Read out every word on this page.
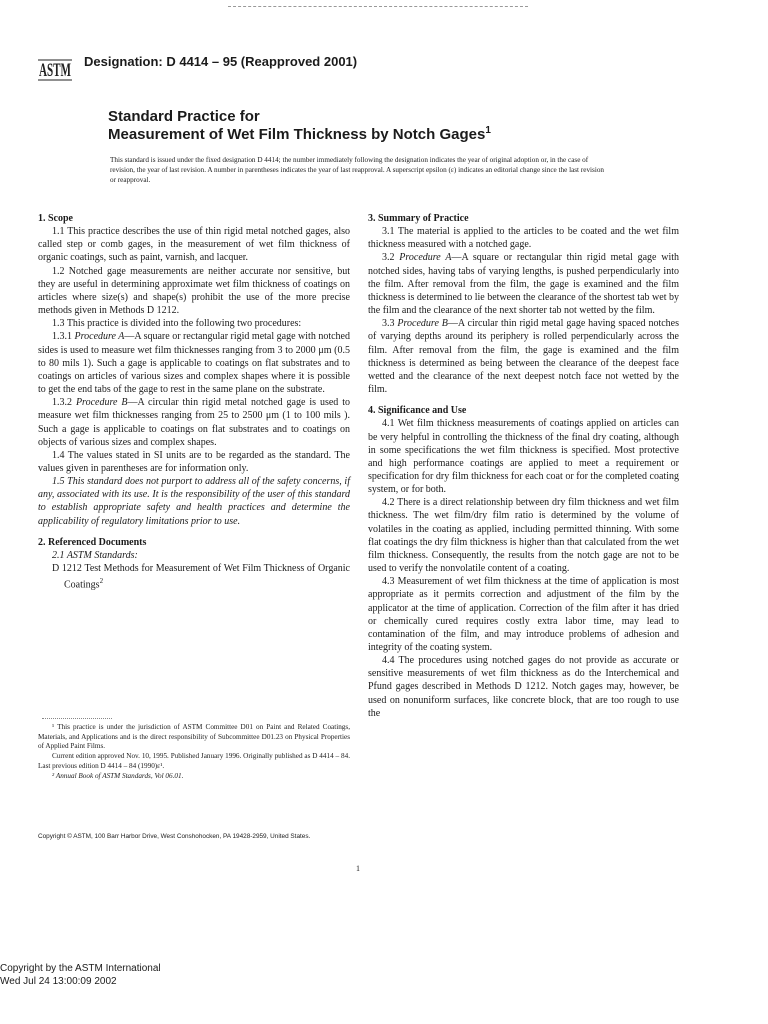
ASTM Designation: D 4414 – 95 (Reapproved 2001)
Standard Practice for
Measurement of Wet Film Thickness by Notch Gages$^1$
This standard is issued under the fixed designation D 4414; the number immediately following the designation indicates the year of original adoption or, in the case of revision, the year of last revision. A number in parentheses indicates the year of last reapproval. A superscript epsilon (ε) indicates an editorial change since the last revision or reapproval.
1. Scope

1.1 This practice describes the use of thin rigid metal notched gages, also called step or comb gages, in the measurement of wet film thickness of organic coatings, such as paint, varnish, and lacquer.

1.2 Notched gage measurements are neither accurate nor sensitive, but they are useful in determining approximate wet film thickness of coatings on articles where size(s) and shape(s) prohibit the use of the more precise methods given in Methods D 1212.

1.3 This practice is divided into the following two procedures:

1.3.1 Procedure A—A square or rectangular rigid metal gage with notched sides is used to measure wet film thicknesses ranging from 3 to 2000 μm (0.5 to 80 mils 1). Such a gage is applicable to coatings on flat substrates and to coatings on articles of various sizes and complex shapes where it is possible to get the end tabs of the gage to rest in the same plane on the substrate.

1.3.2 Procedure B—A circular thin rigid metal notched gage is used to measure wet film thicknesses ranging from 25 to 2500 μm (1 to 100 mils ). Such a gage is applicable to coatings on flat substrates and to coatings on objects of various sizes and complex shapes.

1.4 The values stated in SI units are to be regarded as the standard. The values given in parentheses are for information only.

1.5 This standard does not purport to address all of the safety concerns, if any, associated with its use. It is the responsibility of the user of this standard to establish appropriate safety and health practices and determine the applicability of regulatory limitations prior to use.

2. Referenced Documents

2.1 ASTM Standards:

D 1212 Test Methods for Measurement of Wet Film Thickness of Organic Coatings$^2$

3. Summary of Practice

3.1 The material is applied to the articles to be coated and the wet film thickness measured with a notched gage.

3.2 Procedure A—A square or rectangular thin rigid metal gage with notched sides, having tabs of varying lengths, is pushed perpendicularly into the film. After removal from the film, the gage is examined and the film thickness is determined to lie between the clearance of the shortest tab wet by the film and the clearance of the next shorter tab not wetted by the film.

3.3 Procedure B—A circular thin rigid metal gage having spaced notches of varying depths around its periphery is rolled perpendicularly across the film. After removal from the film, the gage is examined and the film thickness is determined as being between the clearance of the deepest face wetted and the clearance of the next deepest notch face not wetted by the film.

4. Significance and Use

4.1 Wet film thickness measurements of coatings applied on articles can be very helpful in controlling the thickness of the final dry coating, although in some specifications the wet film thickness is specified. Most protective and high performance coatings are applied to meet a requirement or specification for dry film thickness for each coat or for the completed coating system, or for both.

4.2 There is a direct relationship between dry film thickness and wet film thickness. The wet film/dry film ratio is determined by the volume of volatiles in the coating as applied, including permitted thinning. With some flat coatings the dry film thickness is higher than that calculated from the wet film thickness. Consequently, the results from the notch gage are not to be used to verify the nonvolatile content of a coating.

4.3 Measurement of wet film thickness at the time of application is most appropriate as it permits correction and adjustment of the film by the applicator at the time of application. Correction of the film after it has dried or chemically cured requires costly extra labor time, may lead to contamination of the film, and may introduce problems of adhesion and integrity of the coating system.

4.4 The procedures using notched gages do not provide as accurate or sensitive measurements of wet film thickness as do the Interchemical and Pfund gages described in Methods D 1212. Notch gages may, however, be used on nonuniform surfaces, like concrete block, that are too rough to use the

¹ This practice is under the jurisdiction of ASTM Committee D01 on Paint and Related Coatings, Materials, and Applications and is the direct responsibility of Subcommittee D01.23 on Physical Properties of Applied Paint Films.

Current edition approved Nov. 10, 1995. Published January 1996. Originally published as D 4414 – 84. Last previous edition D 4414 – 84 (1990)ε¹.

² Annual Book of ASTM Standards, Vol 06.01.

Copyright © ASTM, 100 Barr Harbor Drive, West Conshohocken, PA 19428-2959, United States.
1
Copyright by the ASTM International
Wed Jul 24 13:00:09 2002
